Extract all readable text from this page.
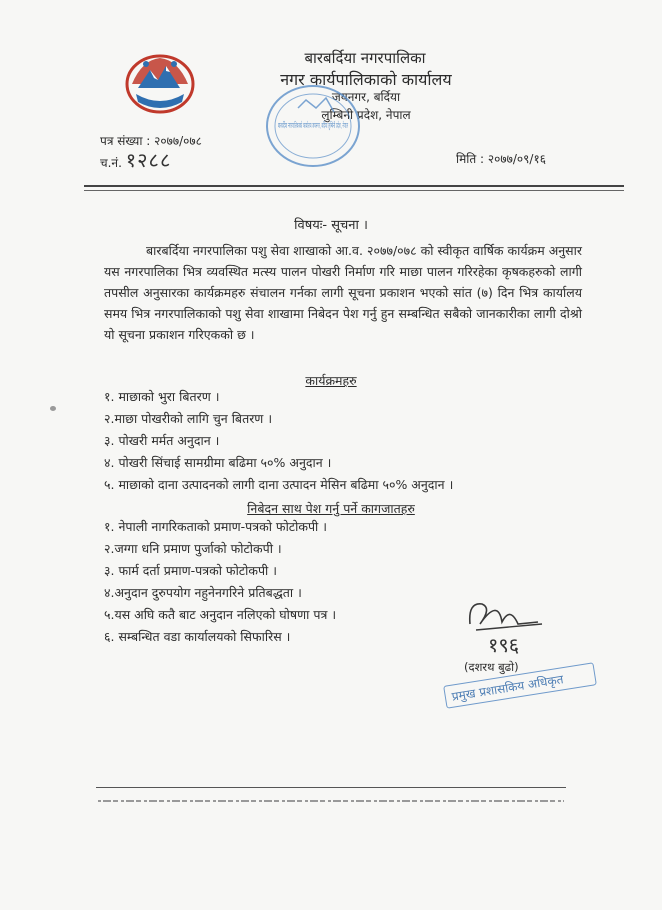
बारबर्दिया नगरपालिका
नगर कार्यपालिकाको कार्यालय
जयनगर, बर्दिया
लुम्बिनी प्रदेश, नेपाल
बारबर्दिया नगरपालिकाको कार्यालय जयनगर, बर्दिया लुम्बिनी प्रदेश, नेपाल
पत्र संख्या : २०७७/०७८
च.नं. १२८८	मिति : २०७७/०९/१६
विषयः- सूचना ।
बारबर्दिया नगरपालिका पशु सेवा शाखाको आ.व. २०७७/०७८ को स्वीकृत वार्षिक कार्यक्रम अनुसार यस नगरपालिका भित्र व्यवस्थित मत्स्य पालन पोखरी निर्माण गरि माछा पालन गरिरहेका कृषकहरुको लागी तपसील अनुसारका कार्यक्रमहरु संचालन गर्नका लागी सूचना प्रकाशन भएको सांत (७) दिन भित्र कार्यालय समय भित्र नगरपालिकाको पशु सेवा शाखामा निबेदन पेश गर्नु हुन सम्बन्धित सबैको जानकारीका लागी दोश्रो यो सूचना प्रकाशन गरिएकको छ ।
कार्यक्रमहरु
१. माछाको भुरा बितरण ।
२.माछा पोखरीको लागि चुन बितरण ।
३. पोखरी मर्मत अनुदान ।
४. पोखरी सिंचाई सामग्रीमा बढिमा ५०% अनुदान ।
५. माछाको दाना उत्पादनको लागी दाना उत्पादन मेसिन बढिमा ५०% अनुदान ।
निबेदन साथ पेश गर्नु पर्ने कागजातहरु
१. नेपाली नागरिकताको प्रमाण-पत्रको फोटोकपी ।
२.जग्गा धनि प्रमाण पुर्जाको फोटोकपी ।
३. फार्म दर्ता प्रमाण-पत्रको फोटोकपी ।
४.अनुदान दुरुपयोग नहुनेनगरिने प्रतिबद्धता ।
५.यस अघि कतै बाट अनुदान नलिएको घोषणा पत्र ।
६. सम्बन्धित वडा कार्यालयको सिफारिस ।	१९६
(दशरथ बुढो)
प्रमुख प्रशासकिय अधिकृत
